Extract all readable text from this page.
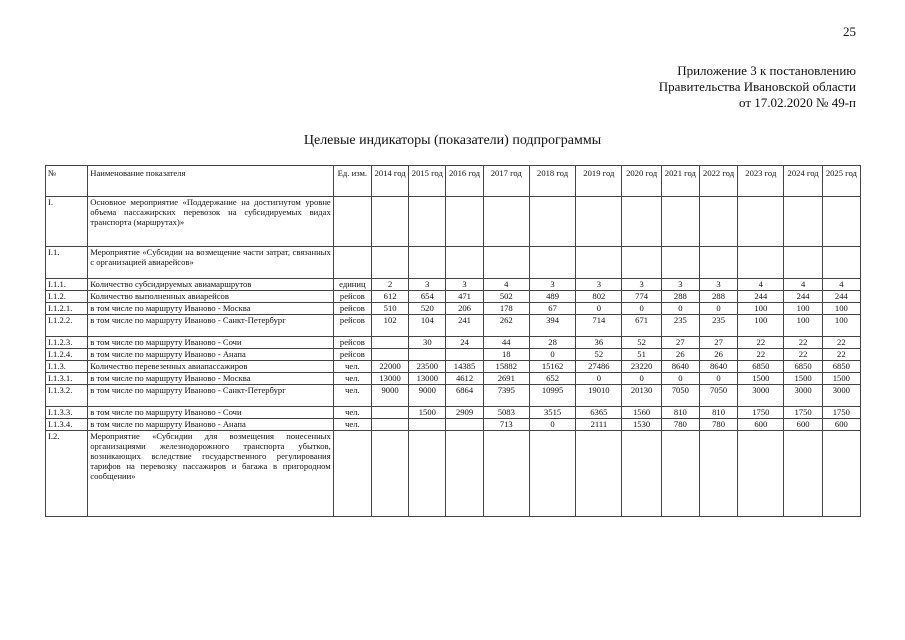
25
Приложение 3 к постановлению
Правительства Ивановской области
от 17.02.2020 № 49-п
Целевые индикаторы (показатели) подпрограммы
№	Наименование показателя	Ед. изм.	2014 год	2015 год	2016 год	2017 год	2018 год	2019 год	2020 год	2021 год	2022 год	2023 год	2024 год	2025 год
I.	Основное мероприятие «Поддержание на достигнутом уровне объема пассажирских перевозок на субсидируемых видах транспорта (маршрутах)»													
I.1.	Мероприятие «Субсидии на возмещение части затрат, связанных с организацией авиарейсов»													
I.1.1.	Количество субсидируемых авиамаршрутов	единиц	2	3	3	4	3	3	3	3	3	4	4	4
I.1.2.	Количество выполненных авиарейсов	рейсов	612	654	471	502	489	802	774	288	288	244	244	244
I.1.2.1.	в том числе по маршруту Иваново - Москва	рейсов	510	520	206	178	67	0	0	0	0	100	100	100
I.1.2.2.	в том числе по маршруту Иваново - Санкт-Петербург	рейсов	102	104	241	262	394	714	671	235	235	100	100	100
I.1.2.3.	в том числе по маршруту Иваново - Сочи	рейсов		30	24	44	28	36	52	27	27	22	22	22
I.1.2.4.	в том числе по маршруту Иваново - Анапа	рейсов				18	0	52	51	26	26	22	22	22
I.1.3.	Количество перевезенных авиапассажиров	чел.	22000	23500	14385	15882	15162	27486	23220	8640	8640	6850	6850	6850
I.1.3.1.	в том числе по маршруту Иваново - Москва	чел.	13000	13000	4612	2691	652	0	0	0	0	1500	1500	1500
I.1.3.2.	в том числе по маршруту Иваново - Санкт-Петербург	чел.	9000	9000	6864	7395	10995	19010	20130	7050	7050	3000	3000	3000
I.1.3.3.	в том числе по маршруту Иваново - Сочи	чел.		1500	2909	5083	3515	6365	1560	810	810	1750	1750	1750
I.1.3.4.	в том числе по маршруту Иваново - Анапа	чел.				713	0	2111	1530	780	780	600	600	600
I.2.	Мероприятие «Субсидии для возмещения понесенных организациями железнодорожного транспорта убытков, возникающих вследствие государственного регулирования тарифов на перевозку пассажиров и багажа в пригородном сообщении»													
